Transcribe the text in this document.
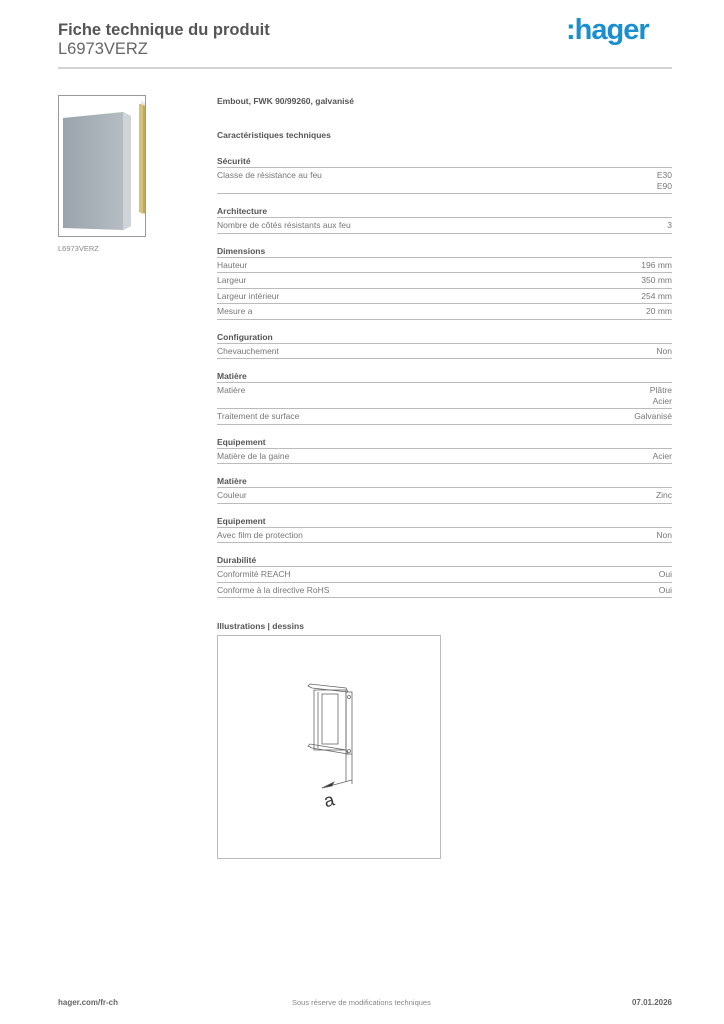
Fiche technique du produit
L6973VERZ
:hager
L6973VERZ
Embout, FWK 90/99260, galvanisé
Caractéristiques techniques
Sécurité
Classe de résistance au feu	E30
E90
Architecture
Nombre de côtés résistants aux feu	3
Dimensions
Hauteur	196 mm
Largeur	350 mm
Largeur intérieur	254 mm
Mesure a	20 mm
Configuration
Chevauchement	Non
Matière
Matière	Plâtre
Acier
Traitement de surface	Galvanisé
Equipement
Matière de la gaine	Acier
Matière
Couleur	Zinc
Equipement
Avec film de protection	Non
Durabilité
Conformité REACH	Oui
Conforme à la directive RoHS	Oui
Illustrations | dessins
a
hager.com/fr-ch	Sous réserve de modifications techniques	07.01.2026
